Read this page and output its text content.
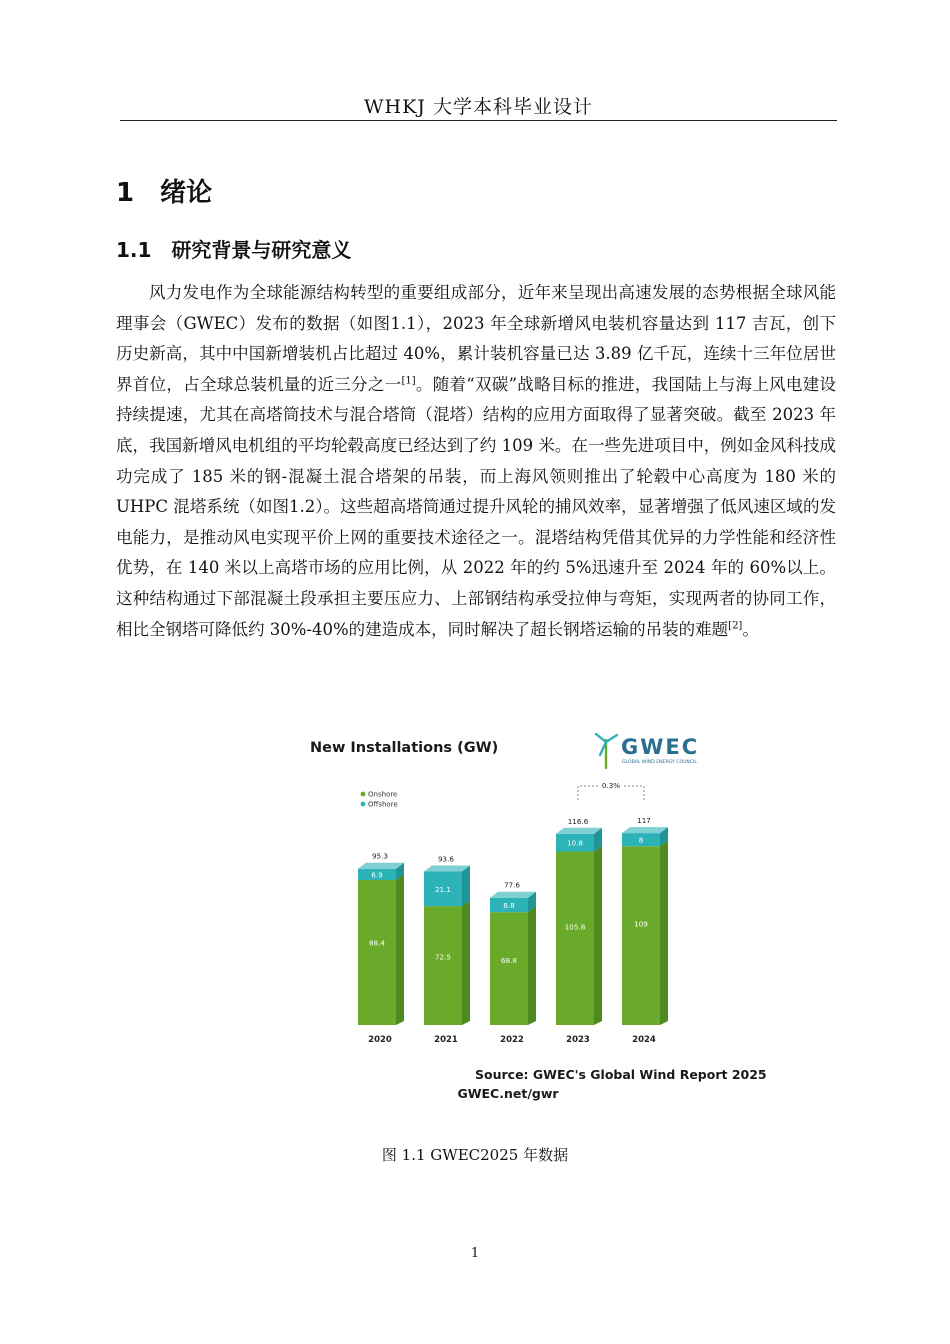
WHKJ 大学本科毕业设计
1 绪论
1.1 研究背景与研究意义

风力发电作为全球能源结构转型的重要组成部分，近年来呈现出高速发展的态势根据全球风能理事会（GWEC）发布的数据（如图1.1），2023 年全球新增风电装机容量达到 117 吉瓦，创下历史新高，其中中国新增装机占比超过 40%，累计装机容量已达 3.89 亿千瓦，连续十三年位居世界首位，占全球总装机量的近三分之一[1]。随着“双碳”战略目标的推进，我国陆上与海上风电建设持续提速，尤其在高塔筒技术与混合塔筒（混塔）结构的应用方面取得了显著突破。截至 2023 年底，我国新增风电机组的平均轮毂高度已经达到了约 109 米。在一些先进项目中，例如金风科技成功完成了 185 米的钢-混凝土混合塔架的吊装，而上海风领则推出了轮毂中心高度为 180 米的 UHPC 混塔系统（如图1.2）。这些超高塔筒通过提升风轮的捕风效率，显著增强了低风速区域的发电能力，是推动风电实现平价上网的重要技术途径之一。混塔结构凭借其优异的力学性能和经济性优势，在 140 米以上高塔市场的应用比例，从 2022 年的约 5%迅速升至 2024 年的 60%以上。这种结构通过下部混凝土段承担主要压应力、上部钢结构承受拉伸与弯矩，实现两者的协同工作，相比全钢塔可降低约 30%-40%的建造成本，同时解决了超长钢塔运输的吊装的难题[2]。

New Installations (GW)	GWEC
GLOBAL WIND ENERGY COUNCIL
Onshore
Offshore
88.4
6.9
95.3
2020
72.5
21.1
93.6
2021
68.8
8.8
77.6
2022
105.8
10.8
116.6
2023
109
8
117
2024
0.3%
Source: GWEC's Global Wind Report 2025
GWEC.net/gwr
图 1.1 GWEC2025 年数据
1
